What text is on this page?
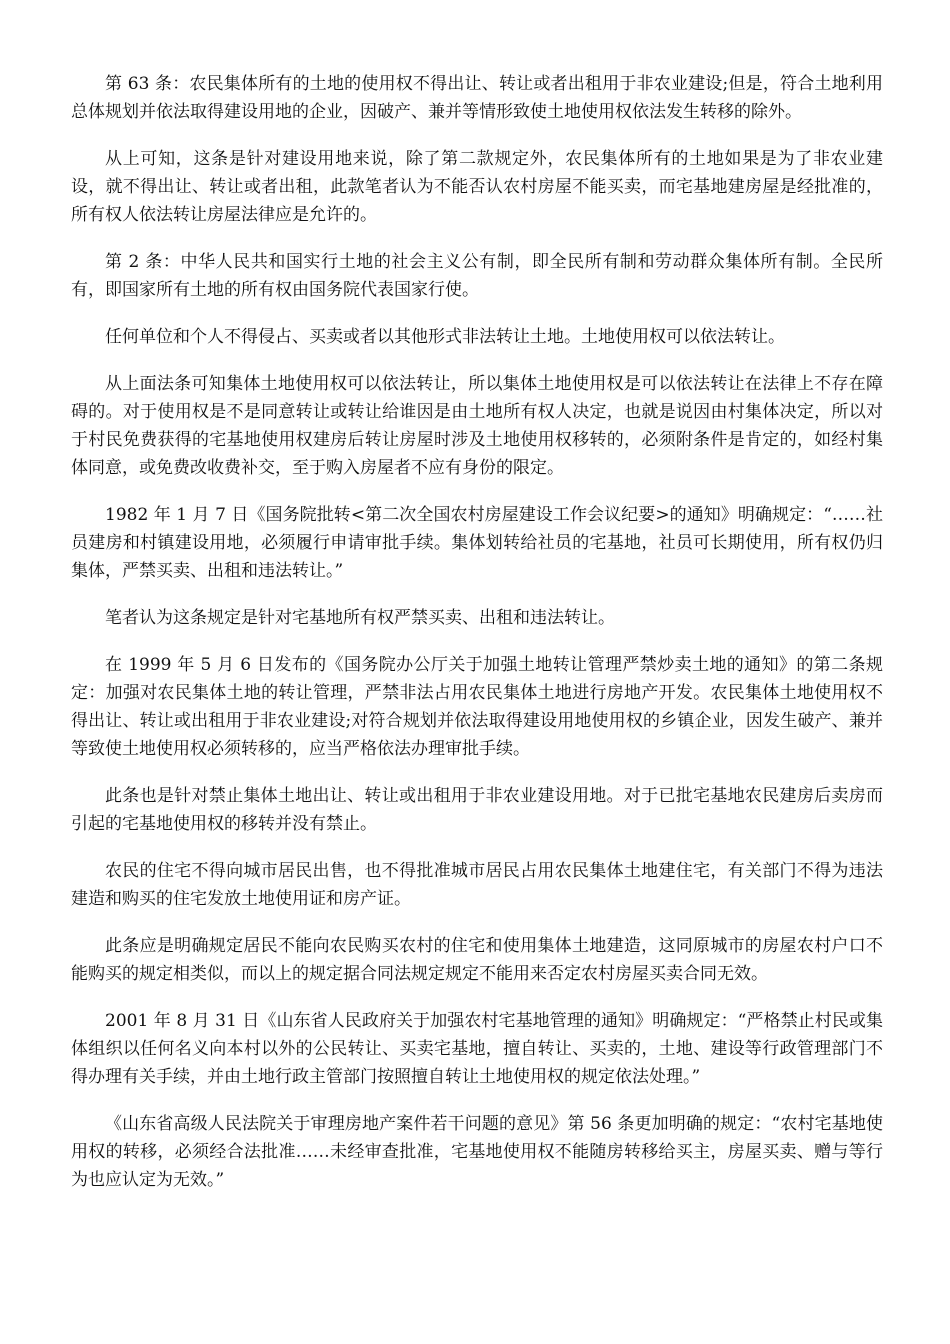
第 63 条：农民集体所有的土地的使用权不得出让、转让或者出租用于非农业建设;但是，符合土地利用总体规划并依法取得建设用地的企业，因破产、兼并等情形致使土地使用权依法发生转移的除外。

从上可知，这条是针对建设用地来说，除了第二款规定外，农民集体所有的土地如果是为了非农业建设，就不得出让、转让或者出租，此款笔者认为不能否认农村房屋不能买卖，而宅基地建房屋是经批准的，所有权人依法转让房屋法律应是允许的。

第 2 条：中华人民共和国实行土地的社会主义公有制，即全民所有制和劳动群众集体所有制。全民所有，即国家所有土地的所有权由国务院代表国家行使。

任何单位和个人不得侵占、买卖或者以其他形式非法转让土地。土地使用权可以依法转让。

从上面法条可知集体土地使用权可以依法转让，所以集体土地使用权是可以依法转让在法律上不存在障碍的。对于使用权是不是同意转让或转让给谁因是由土地所有权人决定，也就是说因由村集体决定，所以对于村民免费获得的宅基地使用权建房后转让房屋时涉及土地使用权移转的，必须附条件是肯定的，如经村集体同意，或免费改收费补交，至于购入房屋者不应有身份的限定。

1982 年 1 月 7 日《国务院批转<第二次全国农村房屋建设工作会议纪要>的通知》明确规定：“……社员建房和村镇建设用地，必须履行申请审批手续。集体划转给社员的宅基地，社员可长期使用，所有权仍归集体，严禁买卖、出租和违法转让。”

笔者认为这条规定是针对宅基地所有权严禁买卖、出租和违法转让。

在 1999 年 5 月 6 日发布的《国务院办公厅关于加强土地转让管理严禁炒卖土地的通知》的第二条规定：加强对农民集体土地的转让管理，严禁非法占用农民集体土地进行房地产开发。农民集体土地使用权不得出让、转让或出租用于非农业建设;对符合规划并依法取得建设用地使用权的乡镇企业，因发生破产、兼并等致使土地使用权必须转移的，应当严格依法办理审批手续。

此条也是针对禁止集体土地出让、转让或出租用于非农业建设用地。对于已批宅基地农民建房后卖房而引起的宅基地使用权的移转并没有禁止。

农民的住宅不得向城市居民出售，也不得批准城市居民占用农民集体土地建住宅，有关部门不得为违法建造和购买的住宅发放土地使用证和房产证。

此条应是明确规定居民不能向农民购买农村的住宅和使用集体土地建造，这同原城市的房屋农村户口不能购买的规定相类似，而以上的规定据合同法规定规定不能用来否定农村房屋买卖合同无效。

2001 年 8 月 31 日《山东省人民政府关于加强农村宅基地管理的通知》明确规定：“严格禁止村民或集体组织以任何名义向本村以外的公民转让、买卖宅基地，擅自转让、买卖的，土地、建设等行政管理部门不得办理有关手续，并由土地行政主管部门按照擅自转让土地使用权的规定依法处理。”

《山东省高级人民法院关于审理房地产案件若干问题的意见》第 56 条更加明确的规定：“农村宅基地使用权的转移，必须经合法批准……未经审查批准，宅基地使用权不能随房转移给买主，房屋买卖、赠与等行为也应认定为无效。”
